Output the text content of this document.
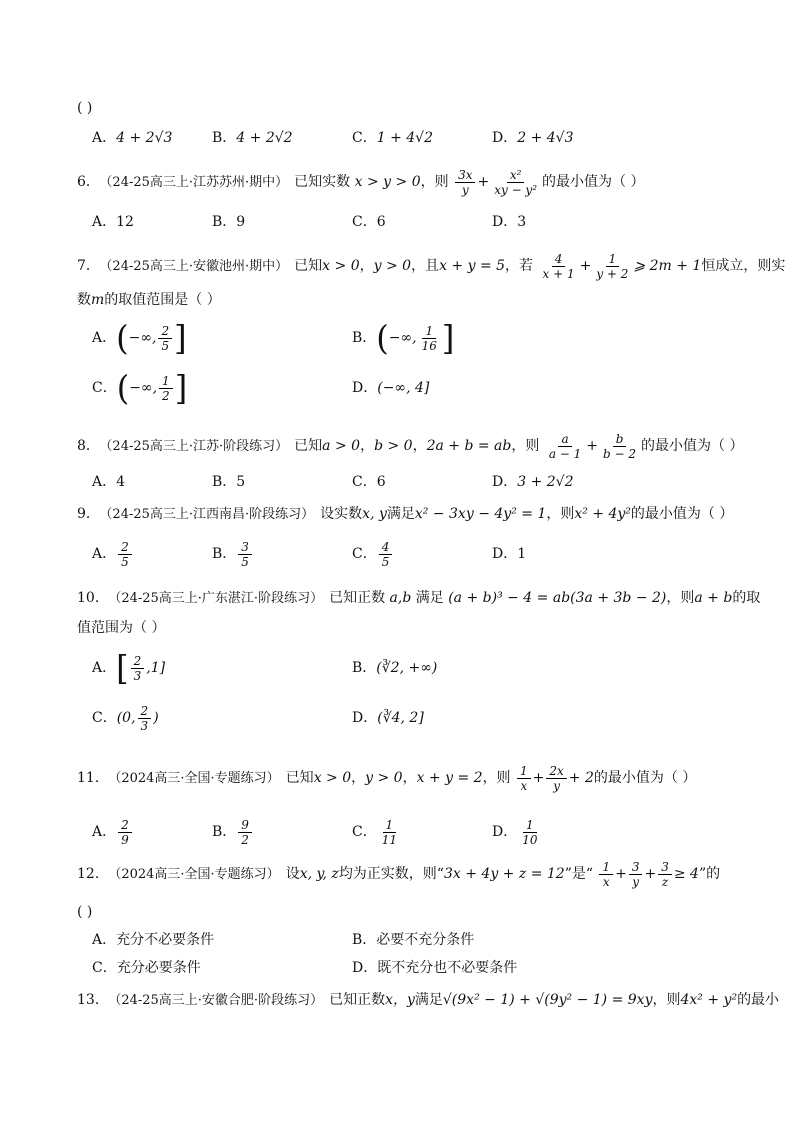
( )
A．4 + 2√3	B．4 + 2√2	C．1 + 4√2	D．2 + 4√3
6． （24-25高三上·江苏苏州·期中） 已知实数 x > y > 0，则 $\frac{3x}{y} + \frac{\text{x²}}{\text{xy − y²}}$ 的最小值为（ ）
A．12	B．9	C．6	D．3
7． （24-25高三上·安徽池州·期中） 已知x > 0，y > 0，且x + y = 5，若 $\frac{4}{x + 1} + \frac{1}{y + 2}$ ⩾ 2m + 1恒成立，则实
数m的取值范围是（ ）
A．(−∞, $\frac{2}{5}$ ]	B．(−∞, $\frac{1}{16}$ ]
C．(−∞, $\frac{1}{2}$ ]	D．(−∞, 4]
8． （24-25高三上·江苏·阶段练习） 已知a > 0，b > 0，2a + b = ab，则 $\frac{a}{a - 1} + \frac{b}{b - 2}$ 的最小值为（ ）
A．4	B．5	C．6	D．3 + 2√2
9． （24-25高三上·江西南昌·阶段练习） 设实数x, y满足x² − 3xy − 4y² = 1，则x² + 4y²的最小值为（ ）
A． $\frac{2}{5}$	B． $\frac{3}{5}$	C． $\frac{4}{5}$	D．1
10． （24-25高三上·广东湛江·阶段练习） 已知正数 a,b 满足 (a + b)³ − 4 = ab(3a + 3b − 2)，则a + b的取
值范围为（ ）
A．[ $\frac{2}{3} ,1$]	B．(∛2, +∞)
C．(0, $\frac{2}{3}$ )	D．(∛4, 2]
11． （2024高三·全国·专题练习） 已知x > 0，y > 0，x + y = 2，则 $\frac{1}{x} + \frac{2x}{y} + 2$的最小值为（ ）
A． $\frac{2}{9}$	B． $\frac{9}{2}$	C． $\frac{1}{11}$	D． $\frac{1}{10}$
12． （2024高三·全国·专题练习） 设x, y, z均为正实数，则“3x + 4y + z = 12”是“ $\frac{1}{x} + \frac{3}{y} + \frac{3}{z} \ge 4$”的
( )
A．充分不必要条件	B．必要不充分条件
C．充分必要条件	D．既不充分也不必要条件
13． （24-25高三上·安徽合肥·阶段练习） 已知正数x，y满足√(9x² − 1) + √(9y² − 1) = 9xy，则4x² + y²的最小
